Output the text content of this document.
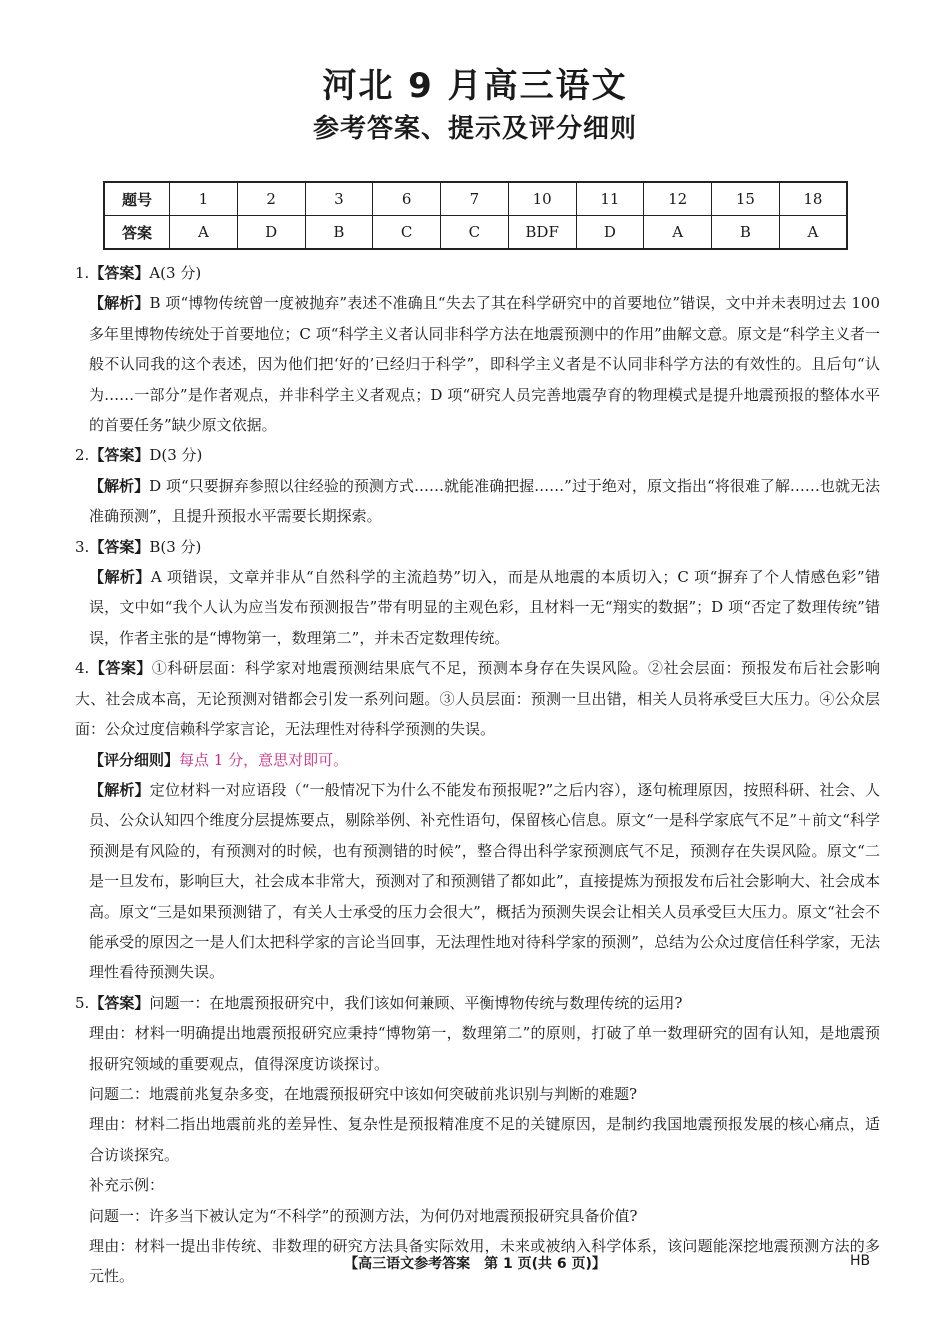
河北 9 月高三语文
参考答案、提示及评分细则
题号	1	2	3	6	7	10	11	12	15	18
答案	A	D	B	C	C	BDF	D	A	B	A

1.【答案】A(3 分)

【解析】B 项“博物传统曾一度被抛弃”表述不准确且“失去了其在科学研究中的首要地位”错误，文中并未表明过去 100 多年里博物传统处于首要地位；C 项“科学主义者认同非科学方法在地震预测中的作用”曲解文意。原文是“科学主义者一般不认同我的这个表述，因为他们把‘好的’已经归于科学”，即科学主义者是不认同非科学方法的有效性的。且后句“认为……一部分”是作者观点，并非科学主义者观点；D 项“研究人员完善地震孕育的物理模式是提升地震预报的整体水平的首要任务”缺少原文依据。

2.【答案】D(3 分)

【解析】D 项“只要摒弃参照以往经验的预测方式……就能准确把握……”过于绝对，原文指出“将很难了解……也就无法准确预测”，且提升预报水平需要长期探索。

3.【答案】B(3 分)

【解析】A 项错误，文章并非从“自然科学的主流趋势”切入，而是从地震的本质切入；C 项“摒弃了个人情感色彩”错误，文中如“我个人认为应当发布预测报告”带有明显的主观色彩，且材料一无“翔实的数据”；D 项“否定了数理传统”错误，作者主张的是“博物第一，数理第二”，并未否定数理传统。

4.【答案】①科研层面：科学家对地震预测结果底气不足，预测本身存在失误风险。②社会层面：预报发布后社会影响大、社会成本高，无论预测对错都会引发一系列问题。③人员层面：预测一旦出错，相关人员将承受巨大压力。④公众层面：公众过度信赖科学家言论，无法理性对待科学预测的失误。

【评分细则】每点 1 分，意思对即可。

【解析】定位材料一对应语段（“一般情况下为什么不能发布预报呢?”之后内容），逐句梳理原因，按照科研、社会、人员、公众认知四个维度分层提炼要点，剔除举例、补充性语句，保留核心信息。原文“一是科学家底气不足”＋前文“科学预测是有风险的，有预测对的时候，也有预测错的时候”，整合得出科学家预测底气不足，预测存在失误风险。原文“二是一旦发布，影响巨大，社会成本非常大，预测对了和预测错了都如此”，直接提炼为预报发布后社会影响大、社会成本高。原文“三是如果预测错了，有关人士承受的压力会很大”，概括为预测失误会让相关人员承受巨大压力。原文“社会不能承受的原因之一是人们太把科学家的言论当回事，无法理性地对待科学家的预测”，总结为公众过度信任科学家，无法理性看待预测失误。

5.【答案】问题一：在地震预报研究中，我们该如何兼顾、平衡博物传统与数理传统的运用?

理由：材料一明确提出地震预报研究应秉持“博物第一，数理第二”的原则，打破了单一数理研究的固有认知，是地震预报研究领域的重要观点，值得深度访谈探讨。

问题二：地震前兆复杂多变，在地震预报研究中该如何突破前兆识别与判断的难题?

理由：材料二指出地震前兆的差异性、复杂性是预报精准度不足的关键原因，是制约我国地震预报发展的核心痛点，适合访谈探究。

补充示例：

问题一：许多当下被认定为“不科学”的预测方法，为何仍对地震预报研究具备价值?

理由：材料一提出非传统、非数理的研究方法具备实际效用，未来或被纳入科学体系，该问题能深挖地震预测方法的多元性。

【高三语文参考答案　第 1 页(共 6 页)】	HB
